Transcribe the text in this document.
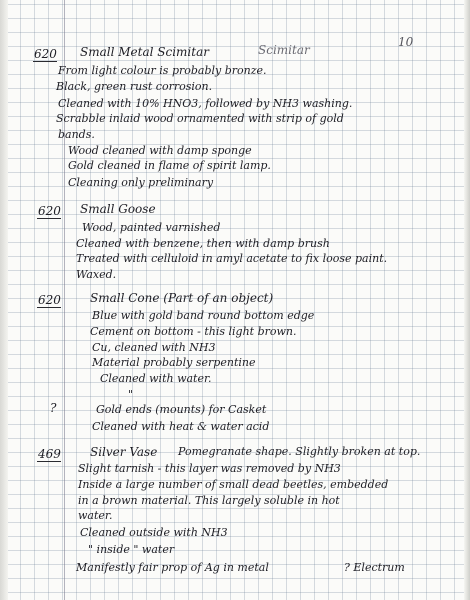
10
620 Small Metal Scimitar	Scimitar
From light colour is probably bronze.
Black, green rust corrosion.
Cleaned with 10% HNO3, followed by NH3 washing.
Scrabble inlaid wood ornamented with strip of gold
bands.
Wood cleaned with damp sponge
Gold cleaned in flame of spirit lamp.
Cleaning only preliminary
620 Small Goose
Wood, painted varnished
Cleaned with benzene, then with damp brush
Treated with celluloid in amyl acetate to fix loose paint.
Waxed.
620 Small Cone (Part of an object)
Blue with gold band round bottom edge
Cement on bottom - this light brown.
Cu, cleaned with NH3
Material probably serpentine
Cleaned with water.
"
?	Gold ends (mounts) for Casket
Cleaned with heat & water acid
469 Silver Vase Pomegranate shape. Slightly broken at top.
Slight tarnish - this layer was removed by NH3
Inside a large number of small dead beetles, embedded
in a brown material. This largely soluble in hot
water.
Cleaned outside with NH3
" inside " water
Manifestly fair prop of Ag in metal	? Electrum
